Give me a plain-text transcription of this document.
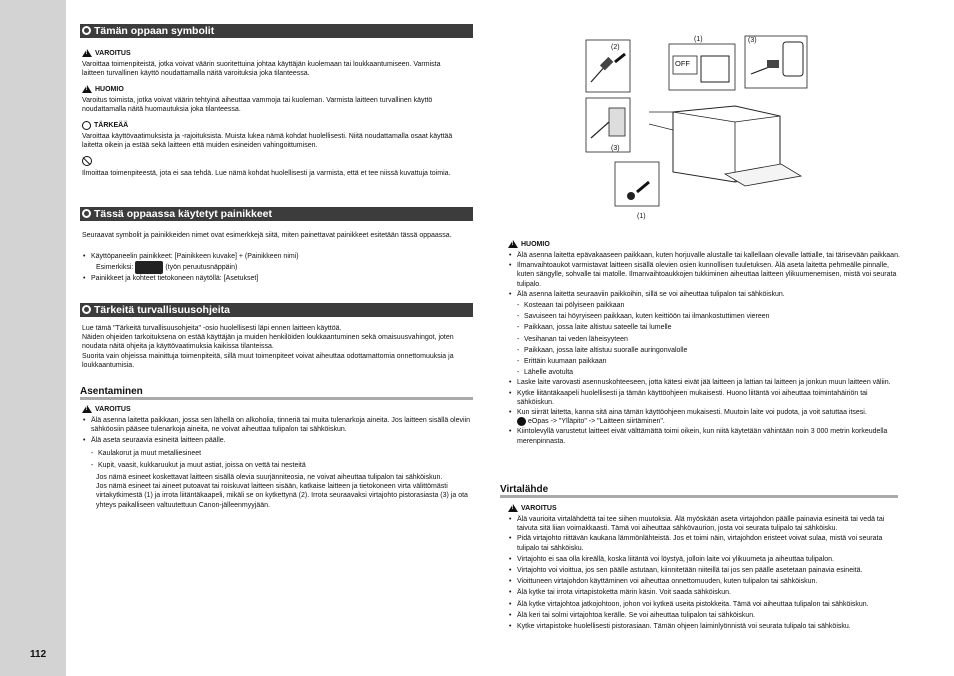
112
Tämän oppaan symbolit
!
VAROITUS
Varoittaa toimenpiteistä, jotka voivat väärin suoritettuina johtaa käyttäjän kuolemaan tai loukkaantumiseen. Varmista laitteen turvallinen käyttö noudattamalla näitä varoituksia joka tilanteessa.
!
HUOMIO
Varoitus toimista, jotka voivat väärin tehtyinä aiheuttaa vammoja tai kuoleman. Varmista laitteen turvallinen käyttö noudattamalla näitä huomautuksia joka tilanteessa.
TÄRKEÄÄ
Varoittaa käyttövaatimuksista ja -rajoituksista. Muista lukea nämä kohdat huolellisesti. Niitä noudattamalla osaat käyttää laitetta oikein ja estää sekä laitteen että muiden esineiden vahingoittumisen.
Ilmoittaa toimenpiteestä, jota ei saa tehdä. Lue nämä kohdat huolellisesti ja varmista, että et tee niissä kuvattuja toimia.
Tässä oppaassa käytetyt painikkeet
Seuraavat symbolit ja painikkeiden nimet ovat esimerkkejä siitä, miten painettavat painikkeet esitetään tässä oppaassa.
• Käyttöpaneelin painikkeet: [Painikkeen kuvake] + (Painikkeen nimi)
Esimerkiksi:	(työn peruutusnäppäin)
• Painikkeet ja kohteet tietokoneen näytöllä: [Asetukset]
Tärkeitä turvallisuusohjeita
Lue tämä "Tärkeitä turvallisuusohjeita" -osio huolellisesti läpi ennen laitteen käyttöä.
Näiden ohjeiden tarkoituksena on estää käyttäjän ja muiden henkilöiden loukkaantuminen sekä omaisuusvahingot, joten noudata näitä ohjeita ja käyttövaatimuksia kaikissa tilanteissa.
Suorita vain ohjeissa mainittuja toimenpiteitä, sillä muut toimenpiteet voivat aiheuttaa odottamattomia onnettomuuksia ja loukkaantumisia.
Asentaminen
!
VAROITUS
• Älä asenna laitetta paikkaan, jossa sen lähellä on alkoholia, tinneriä tai muita tulenarkoja aineita. Jos laitteen sisällä oleviin sähköosiin pääsee tulenarkoja aineita, ne voivat aiheuttaa tulipalon tai sähköiskun.
• Älä aseta seuraavia esineitä laitteen päälle.
- Kaulakorut ja muut metalliesineet
- Kupit, vaasit, kukkaruukut ja muut astiat, joissa on vettä tai nesteitä
Jos nämä esineet koskettavat laitteen sisällä olevia suurjänniteosia, ne voivat aiheuttaa tulipalon tai sähköiskun.
Jos nämä esineet tai aineet putoavat tai roiskuvat laitteen sisään, katkaise laitteen ja tietokoneen virta välittömästi virtakytkimestä (1) ja irrota liitäntäkaapeli, mikäli se on kytkettynä (2). Irrota seuraavaksi virtajohto pistorasiasta (3) ja ota yhteys paikalliseen valtuutettuun Canon-jälleenmyyjään.
(2)
(1)	(3)
OFF
(3)
(1)
!
HUOMIO
• Älä asenna laitetta epävakaaseen paikkaan, kuten horjuvalle alustalle tai kallellaan olevalle lattialle, tai tärisevään paikkaan.
• Ilmanvaihtoaukot varmistavat laitteen sisällä olevien osien kunnollisen tuuletuksen. Älä aseta laitetta pehmeälle pinnalle, kuten sängylle, sohvalle tai matolle. Ilmanvaihtoaukkojen tukkiminen aiheuttaa laitteen ylikuumenemisen, mistä voi seurata tulipalo.
• Älä asenna laitetta seuraaviin paikkoihin, sillä se voi aiheuttaa tulipalon tai sähköiskun.
- Kosteaan tai pölyiseen paikkaan
- Savuiseen tai höyryiseen paikkaan, kuten keittiöön tai ilmankostuttimen viereen
- Paikkaan, jossa laite altistuu sateelle tai lumelle
- Vesihanan tai veden läheisyyteen
- Paikkaan, jossa laite altistuu suoralle auringonvalolle
- Erittäin kuumaan paikkaan
- Lähelle avotulta
• Laske laite varovasti asennuskohteeseen, jotta kätesi eivät jää laitteen ja lattian tai laitteen ja jonkun muun laitteen väliin.
• Kytke liitäntäkaapeli huolellisesti ja tämän käyttöohjeen mukaisesti. Huono liitäntä voi aiheuttaa toimintahäiriön tai sähköiskun.
• Kun siirrät laitetta, kanna sitä aina tämän käyttöohjeen mukaisesti. Muutoin laite voi pudota, ja voit satuttaa itsesi.
eOpas -> "Ylläpito" -> "Laitteen siirtäminen".
• Kiintolevyllä varustetut laitteet eivät välttämättä toimi oikein, kun niitä käytetään vähintään noin 3 000 metrin korkeudella merenpinnasta.
Virtalähde
!
VAROITUS
• Älä vaurioita virtalähdettä tai tee siihen muutoksia. Älä myöskään aseta virtajohdon päälle painavia esineitä tai vedä tai taivuta sitä liian voimakkaasti. Tämä voi aiheuttaa sähkövaurion, josta voi seurata tulipalo tai sähköisku.
• Pidä virtajohto riittävän kaukana lämmönlähteistä. Jos et toimi näin, virtajohdon eristeet voivat sulaa, mistä voi seurata tulipalo tai sähköisku.
• Virtajohto ei saa olla kireällä, koska liitäntä voi löystyä, jolloin laite voi ylikuumeta ja aiheuttaa tulipalon.
• Virtajohto voi vioittua, jos sen päälle astutaan, kiinnitetään niiteillä tai jos sen päälle asetetaan painavia esineitä.
• Vioittuneen virtajohdon käyttäminen voi aiheuttaa onnettomuuden, kuten tulipalon tai sähköiskun.
• Älä kytke tai irrota virtapistoketta märin käsin. Voit saada sähköiskun.
• Älä kytke virtajohtoa jatkojohtoon, johon voi kytkeä useita pistokkeita. Tämä voi aiheuttaa tulipalon tai sähköiskun.
• Älä keri tai solmi virtajohtoa kerälle. Se voi aiheuttaa tulipalon tai sähköiskun.
• Kytke virtapistoke huolellisesti pistorasiaan. Tämän ohjeen laiminlyönnistä voi seurata tulipalo tai sähköisku.
